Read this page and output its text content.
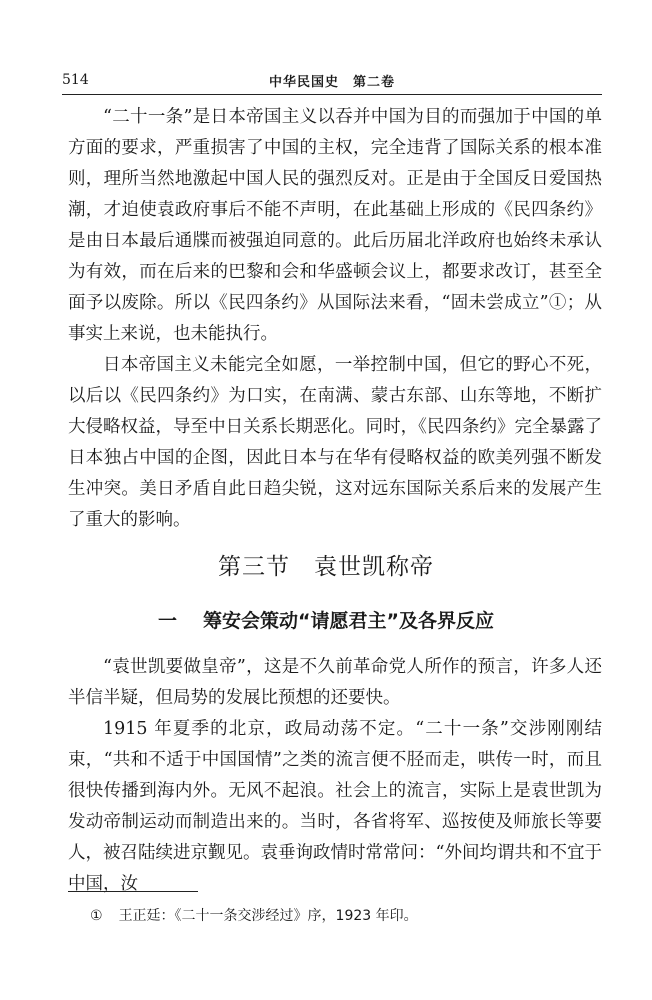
514	中华民国史　第二卷

“二十一条”是日本帝国主义以吞并中国为目的而强加于中国的单方面的要求，严重损害了中国的主权，完全违背了国际关系的根本准则，理所当然地激起中国人民的强烈反对。正是由于全国反日爱国热潮，才迫使袁政府事后不能不声明，在此基础上形成的《民四条约》是由日本最后通牒而被强迫同意的。此后历届北洋政府也始终未承认为有效，而在后来的巴黎和会和华盛顿会议上，都要求改订，甚至全面予以废除。所以《民四条约》从国际法来看，“固未尝成立”①；从事实上来说，也未能执行。

日本帝国主义未能完全如愿，一举控制中国，但它的野心不死，以后以《民四条约》为口实，在南满、蒙古东部、山东等地，不断扩大侵略权益，导至中日关系长期恶化。同时，《民四条约》完全暴露了日本独占中国的企图，因此日本与在华有侵略权益的欧美列强不断发生冲突。美日矛盾自此日趋尖锐，这对远东国际关系后来的发展产生了重大的影响。

第三节　袁世凯称帝
一 筹安会策动“请愿君主”及各界反应

“袁世凯要做皇帝”，这是不久前革命党人所作的预言，许多人还半信半疑，但局势的发展比预想的还要快。

1915 年夏季的北京，政局动荡不定。“二十一条”交涉刚刚结束，“共和不适于中国国情”之类的流言便不胫而走，哄传一时，而且很快传播到海内外。无风不起浪。社会上的流言，实际上是袁世凯为发动帝制运动而制造出来的。当时，各省将军、巡按使及师旅长等要人，被召陆续进京觐见。袁垂询政情时常常问：“外间均谓共和不宜于中国，汝

① 王正廷：《二十一条交涉经过》序，1923 年印。
